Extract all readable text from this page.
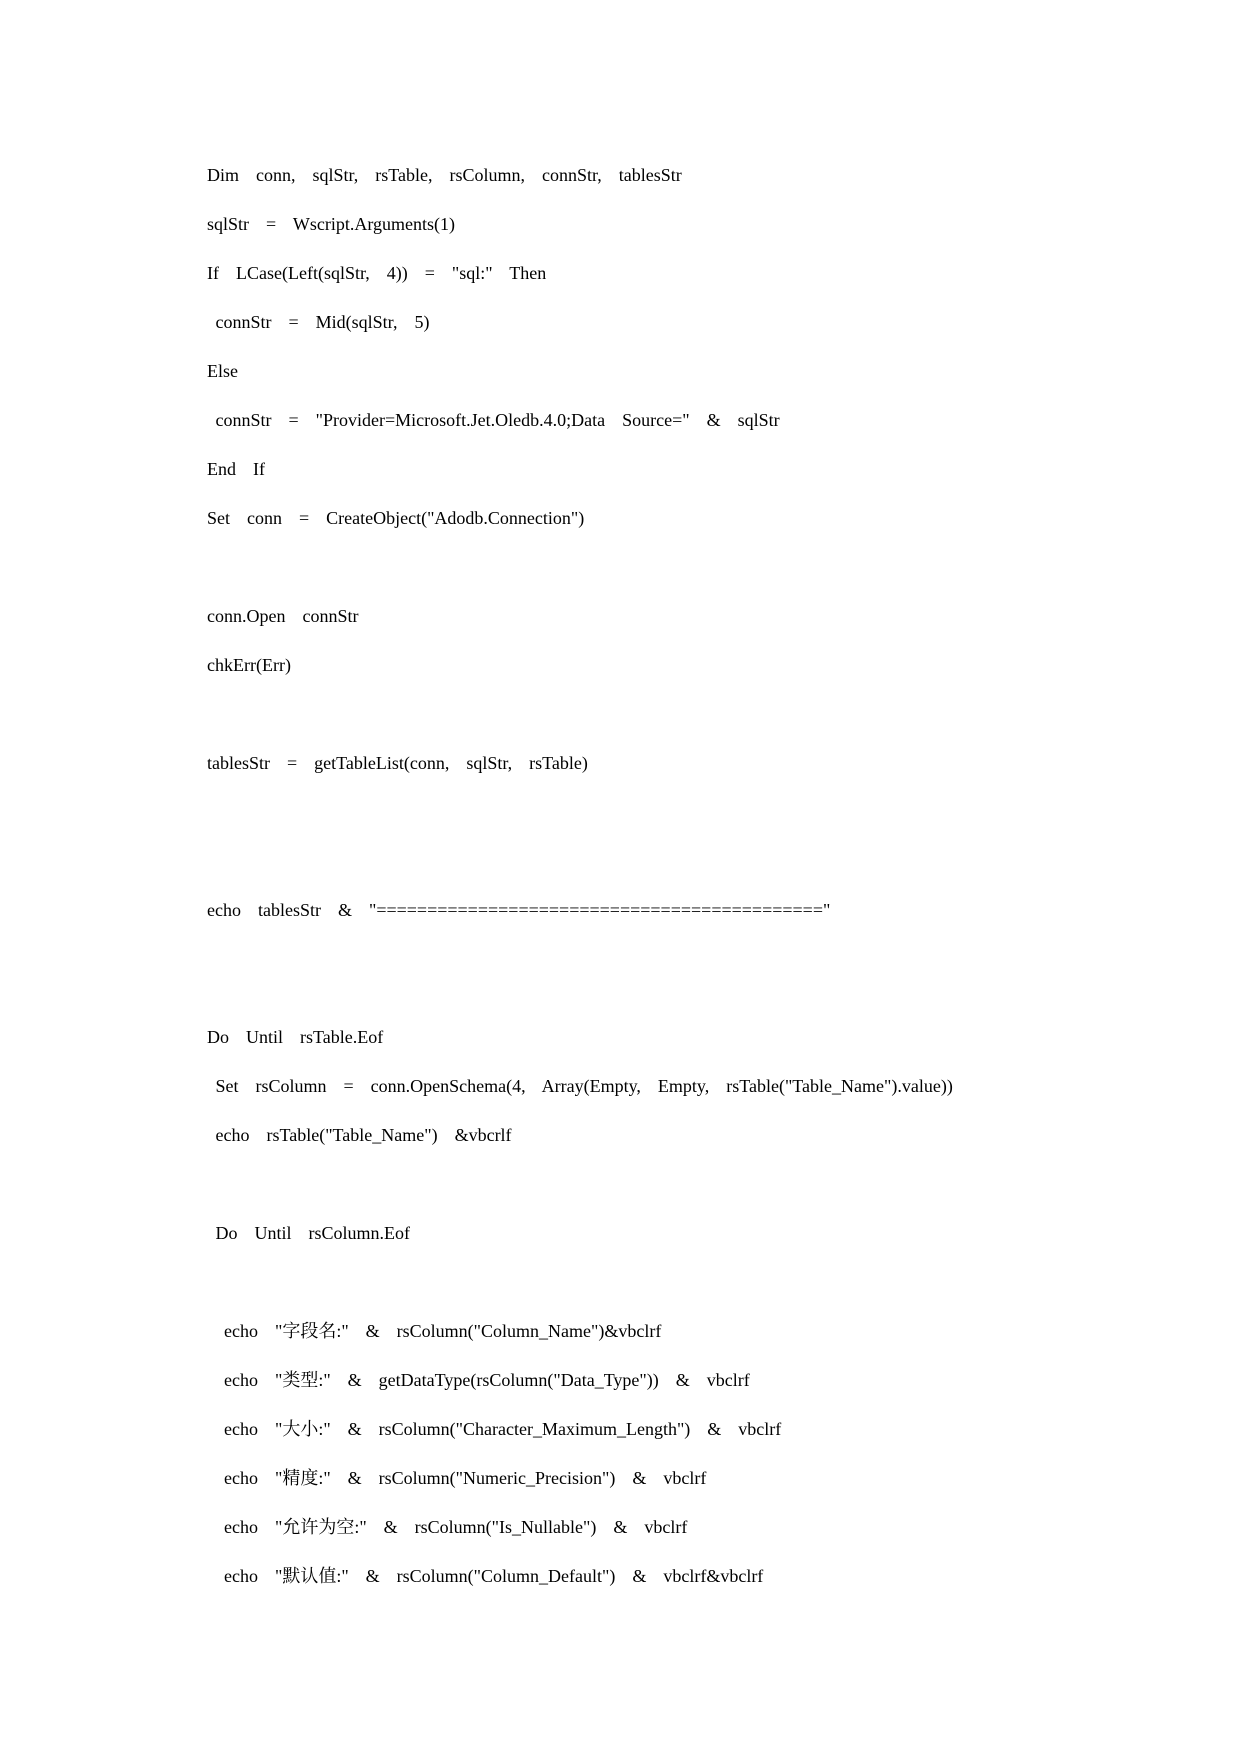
Dim  conn,  sqlStr,  rsTable,  rsColumn,  connStr,  tablesStr
sqlStr  =  Wscript.Arguments(1)
If  LCase(Left(sqlStr,  4))  =  "sql:"  Then
connStr  =  Mid(sqlStr,  5)
Else
connStr  =  "Provider=Microsoft.Jet.Oledb.4.0;Data  Source="  &  sqlStr
End  If
Set  conn  =  CreateObject("Adodb.Connection")
conn.Open  connStr
chkErr(Err)
tablesStr  =  getTableList(conn,  sqlStr,  rsTable)
echo  tablesStr  &  "============================================"
Do  Until  rsTable.Eof
Set  rsColumn  =  conn.OpenSchema(4,  Array(Empty,  Empty,  rsTable("Table_Name").value))
echo  rsTable("Table_Name")  &vbcrlf
Do  Until  rsColumn.Eof
echo  "字段名:"  &  rsColumn("Column_Name")&vbclrf
echo  "类型:"  &  getDataType(rsColumn("Data_Type"))  &  vbclrf
echo  "大小:"  &  rsColumn("Character_Maximum_Length")  &  vbclrf
echo  "精度:"  &  rsColumn("Numeric_Precision")  &  vbclrf
echo  "允许为空:"  &  rsColumn("Is_Nullable")  &  vbclrf
echo  "默认值:"  &  rsColumn("Column_Default")  &  vbclrf&vbclrf
